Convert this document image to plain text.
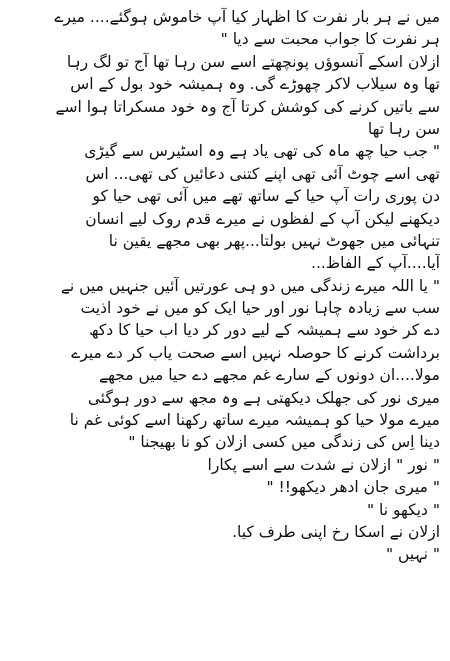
میں نے ہر بار نفرت کا اظہار کیا آپ خاموش ہوگئے.... میرے
ہر نفرت کا جواب محبت سے دیا "
ازلان اسکے آنسوؤں پونچھتے اسے سن رہا تھا آج تو لگ رہا
تھا وہ سیلاب لاکر چھوڑے گی. وہ ہمیشہ خود بول کے اس
سے باتیں کرنے کی کوشش کرتا آج وہ خود مسکراتا ہوا اسے
سن رہا تھا
" جب حیا چھ ماہ کی تھی یاد ہے وہ اسٹیرس سے گیڑی
تھی اسے چوٹ آئی تھی اپنے کتنی دعائیں کی تھی... اس
دن پوری رات آپ حیا کے ساتھ تھے میں آئی تھی حیا کو
دیکھنے لیکن آپ کے لفظوں نے میرے قدم روک لیے انسان
تنہائی میں جھوٹ نہیں بولتا...پھر بھی مجھے یقین نا
آیا....آپ کے الفاظ...
" یا اللہ میرے زندگی میں دو ہی عورتیں آئیں جنہیں میں نے
سب سے زیادہ چاہا نور اور حیا ایک کو میں نے خود اذیت
دے کر خود سے ہمیشہ کے لیے دور کر دیا اب حیا کا دکھ
برداشت کرنے کا حوصلہ نہیں اسے صحت یاب کر دے میرے
مولا....ان دونوں کے سارے غم مجھے دے حیا میں مجھے
میری نور کی جھلک دیکھتی ہے وہ مجھ سے دور ہوگئی
میرے مولا حیا کو ہمیشہ میرے ساتھ رکھنا اسے کوئی غم نا
دینا اِس کی زندگی میں کسی ازلان کو نا بھیجنا "
" نور " ازلان نے شدت سے اسے پکارا
" میری جان ادھر دیکھو!! "
" دیکھو نا "
ازلان نے اسکا رخ اپنی طرف کیا.
" نہیں "
